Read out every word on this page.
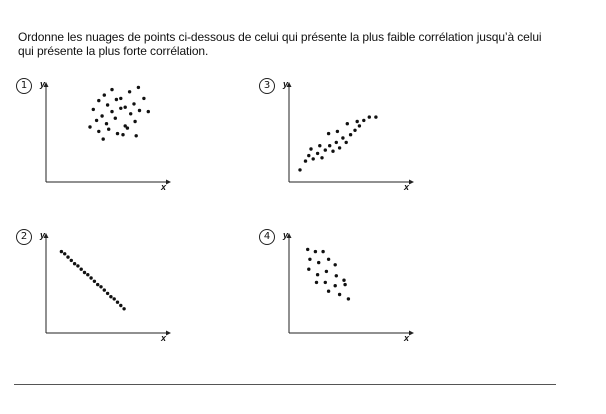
Ordonne les nuages de points ci-dessous de celui qui présente la plus faible corrélation jusqu’à celui
qui présente la plus forte corrélation.
1	y
x
3	y
x
2	y
x
4	y
x
